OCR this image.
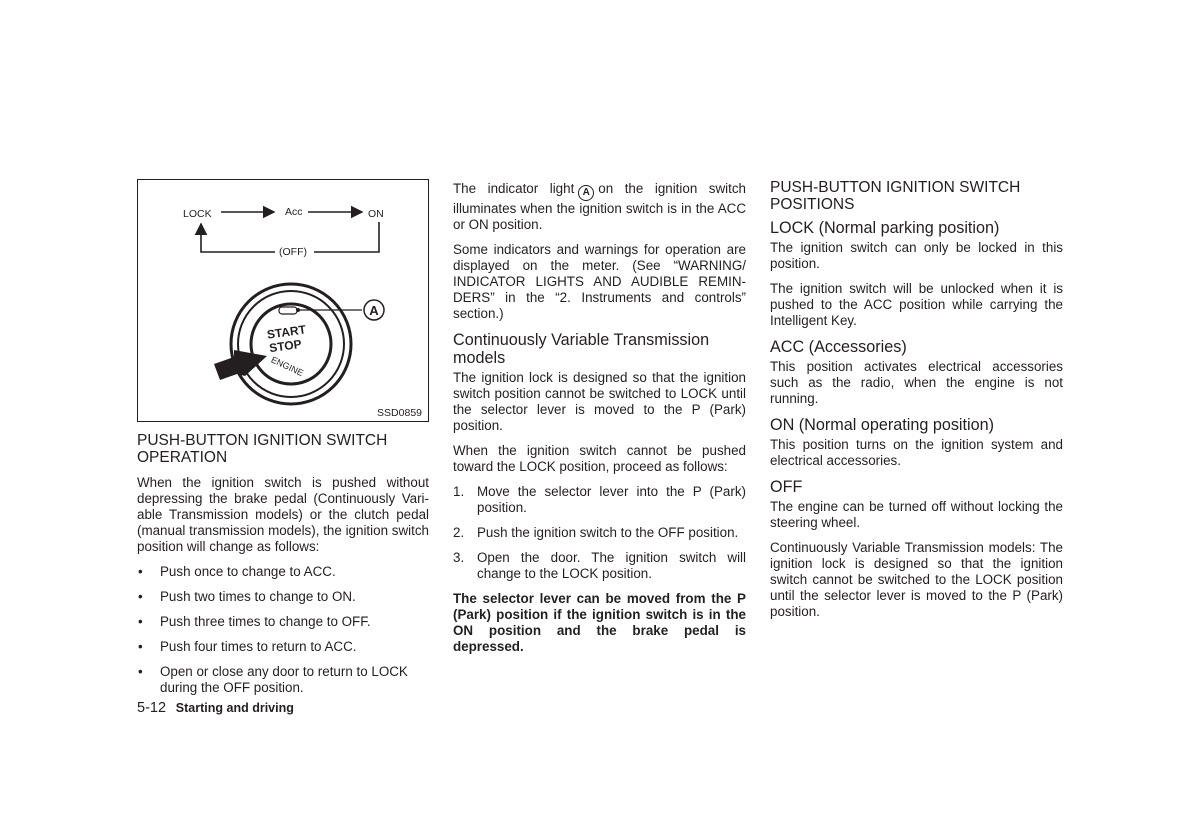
LOCK	Acc	ON
(OFF)
A
START
STOP
ENGINE
SSD0859
PUSH-BUTTON IGNITION SWITCH
OPERATION

When the ignition switch is pushed without depressing the brake pedal (Continuously Vari-able Transmission models) or the clutch pedal (manual transmission models), the ignition switch position will change as follows:

• Push once to change to ACC.
• Push two times to change to ON.
• Push three times to change to OFF.
• Push four times to return to ACC.
• Open or close any door to return to LOCK during the OFF position.

The indicator light A on the ignition switch illuminates when the ignition switch is in the ACC or ON position.

Some indicators and warnings for operation are displayed on the meter. (See “WARNING/ INDICATOR LIGHTS AND AUDIBLE REMIN-DERS” in the “2. Instruments and controls” section.)

Continuously Variable Transmission
models

The ignition lock is designed so that the ignition switch position cannot be switched to LOCK until the selector lever is moved to the P (Park) position.

When the ignition switch cannot be pushed toward the LOCK position, proceed as follows:

1. Move the selector lever into the P (Park) position.
2. Push the ignition switch to the OFF position.
3. Open the door. The ignition switch will change to the LOCK position.

The selector lever can be moved from the P (Park) position if the ignition switch is in the ON position and the brake pedal is depressed.

PUSH-BUTTON IGNITION SWITCH
POSITIONS
LOCK (Normal parking position)

The ignition switch can only be locked in this position.

The ignition switch will be unlocked when it is pushed to the ACC position while carrying the Intelligent Key.

ACC (Accessories)

This position activates electrical accessories such as the radio, when the engine is not running.

ON (Normal operating position)

This position turns on the ignition system and electrical accessories.

OFF

The engine can be turned off without locking the steering wheel.

Continuously Variable Transmission models: The ignition lock is designed so that the ignition switch cannot be switched to the LOCK position until the selector lever is moved to the P (Park) position.

5-12 Starting and driving
